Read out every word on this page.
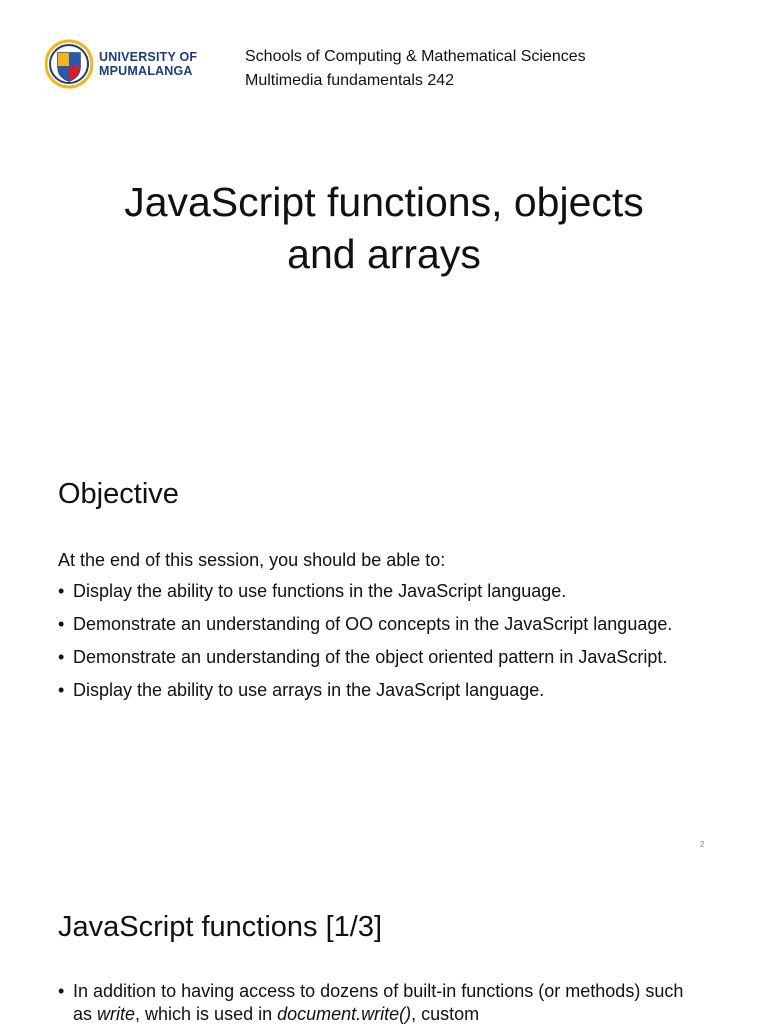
UNIVERSITY OF
MPUMALANGA
Schools of Computing & Mathematical Sciences
Multimedia fundamentals 242
JavaScript functions, objects
and arrays
Objective
At the end of this session, you should be able to:
• Display the ability to use functions in the JavaScript language.
• Demonstrate an understanding of OO concepts in the JavaScript language.
• Demonstrate an understanding of the object oriented pattern in JavaScript.
• Display the ability to use arrays in the JavaScript language.
2
JavaScript functions [1/3]
• In addition to having access to dozens of built-in functions (or methods) such as write, which is used in document.write(), custom
